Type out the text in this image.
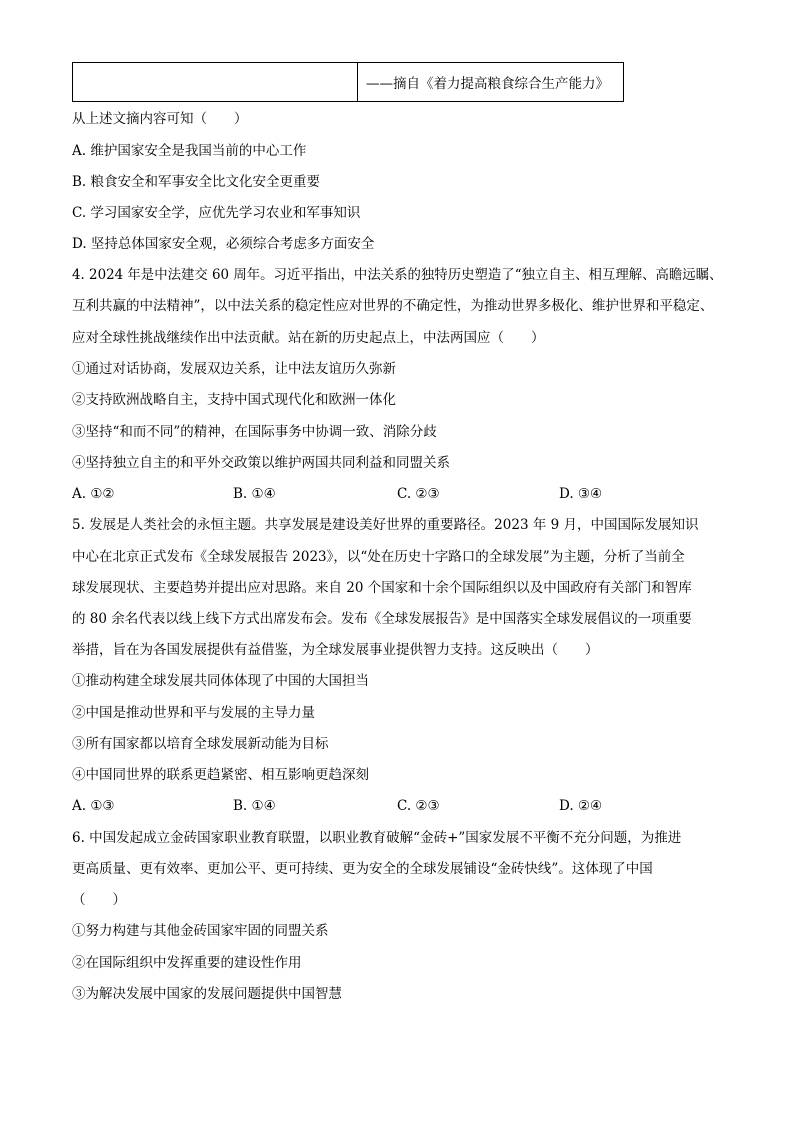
——摘自《着力提高粮食综合生产能力》
从上述文摘内容可知（　　）
A. 维护国家安全是我国当前的中心工作
B. 粮食安全和军事安全比文化安全更重要
C. 学习国家安全学，应优先学习农业和军事知识
D. 坚持总体国家安全观，必须综合考虑多方面安全
4. 2024 年是中法建交 60 周年。习近平指出，中法关系的独特历史塑造了“独立自主、相互理解、高瞻远瞩、
互利共赢的中法精神”，以中法关系的稳定性应对世界的不确定性，为推动世界多极化、维护世界和平稳定、
应对全球性挑战继续作出中法贡献。站在新的历史起点上，中法两国应（　　）
①通过对话协商，发展双边关系，让中法友谊历久弥新
②支持欧洲战略自主，支持中国式现代化和欧洲一体化
③坚持“和而不同”的精神，在国际事务中协调一致、消除分歧
④坚持独立自主的和平外交政策以维护两国共同利益和同盟关系
A. ①②	B. ①④	C. ②③	D. ③④
5. 发展是人类社会的永恒主题。共享发展是建设美好世界的重要路径。2023 年 9 月，中国国际发展知识
中心在北京正式发布《全球发展报告 2023》，以“处在历史十字路口的全球发展”为主题，分析了当前全
球发展现状、主要趋势并提出应对思路。来自 20 个国家和十余个国际组织以及中国政府有关部门和智库
的 80 余名代表以线上线下方式出席发布会。发布《全球发展报告》是中国落实全球发展倡议的一项重要
举措，旨在为各国发展提供有益借鉴，为全球发展事业提供智力支持。这反映出（　　）
①推动构建全球发展共同体体现了中国的大国担当
②中国是推动世界和平与发展的主导力量
③所有国家都以培育全球发展新动能为目标
④中国同世界的联系更趋紧密、相互影响更趋深刻
A. ①③	B. ①④	C. ②③	D. ②④
6. 中国发起成立金砖国家职业教育联盟，以职业教育破解“金砖+”国家发展不平衡不充分问题，为推进
更高质量、更有效率、更加公平、更可持续、更为安全的全球发展铺设“金砖快线”。这体现了中国
（　　）
①努力构建与其他金砖国家牢固的同盟关系
②在国际组织中发挥重要的建设性作用
③为解决发展中国家的发展问题提供中国智慧
